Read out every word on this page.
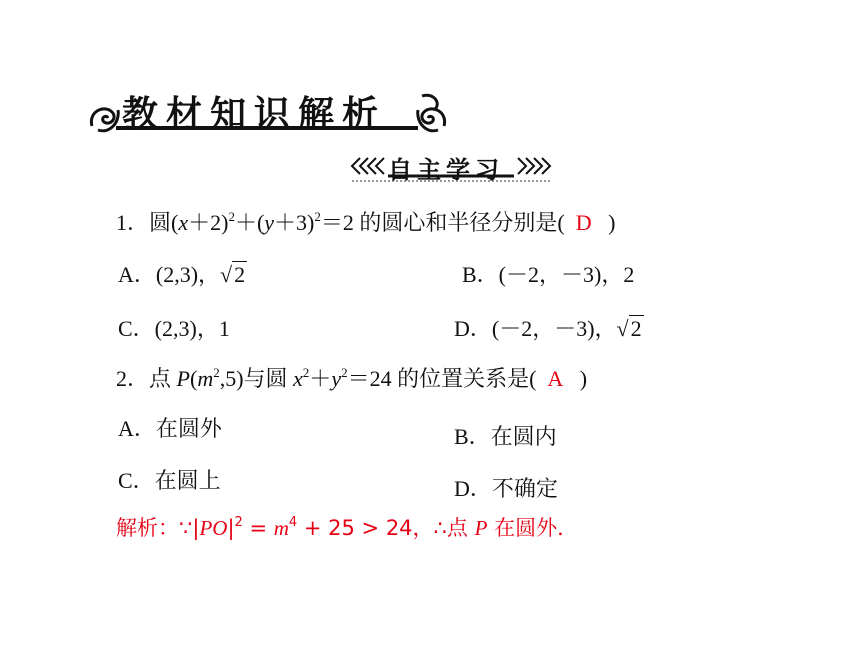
教材知识解析
自主学习
1．圆$(x+2)^2+(y+3)^2=2$ 的圆心和半径分别是( D )
A．(2,3)，√2	B．(－2，－3)，2
C．(2,3)，1	D．(－2，－3)，√2
2．点 $P(m^2,5)$与圆 $x^2+y^2=24$ 的位置关系是( A )
A．在圆外	B．在圆内
C．在圆上	D．不确定
解析：$\because|PO|^2 = m^4 + 25 > 24$，∴点 P 在圆外．
